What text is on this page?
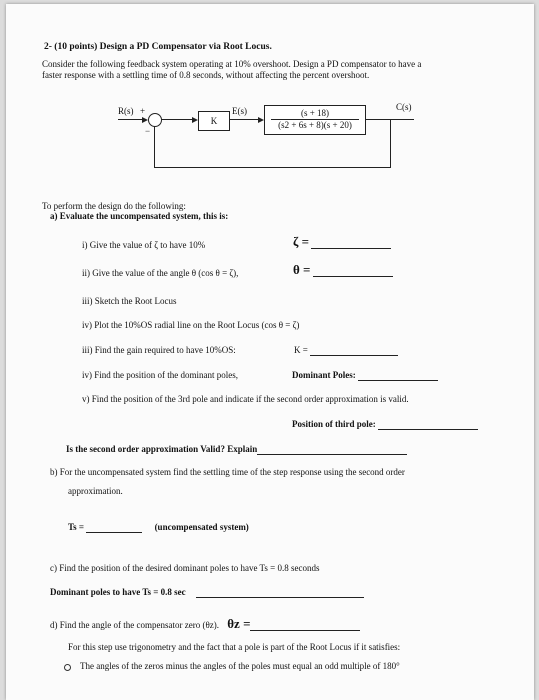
2- (10 points) Design a PD Compensator via Root Locus.
Consider the following feedback system operating at 10% overshoot. Design a PD compensator to have a
faster response with a settling time of 0.8 seconds, without affecting the percent overshoot.
R(s) +
−
K
E(s)	(s + 18)
(s2 + 6s + 8)(s + 20)
C(s)
To perform the design do the following:
a) Evaluate the uncompensated system, this is:
i) Give the value of ζ to have 10%	ζ =
ii) Give the value of the angle θ (cos θ = ζ),	θ =
iii) Sketch the Root Locus
iv) Plot the 10%OS radial line on the Root Locus (cos θ = ζ)
iii) Find the gain required to have 10%OS:	K =
iv) Find the position of the dominant poles,	Dominant Poles:
v) Find the position of the 3rd pole and indicate if the second order approximation is valid.
Position of third pole:
Is the second order approximation Valid? Explain
b) For the uncompensated system find the settling time of the step response using the second order
approximation.
Ts =	(uncompensated system)
c) Find the position of the desired dominant poles to have Ts = 0.8 seconds
Dominant poles to have Ts = 0.8 sec
d) Find the angle of the compensator zero (θz). θz =
For this step use trigonometry and the fact that a pole is part of the Root Locus if it satisfies:
The angles of the zeros minus the angles of the poles must equal an odd multiple of 180°
